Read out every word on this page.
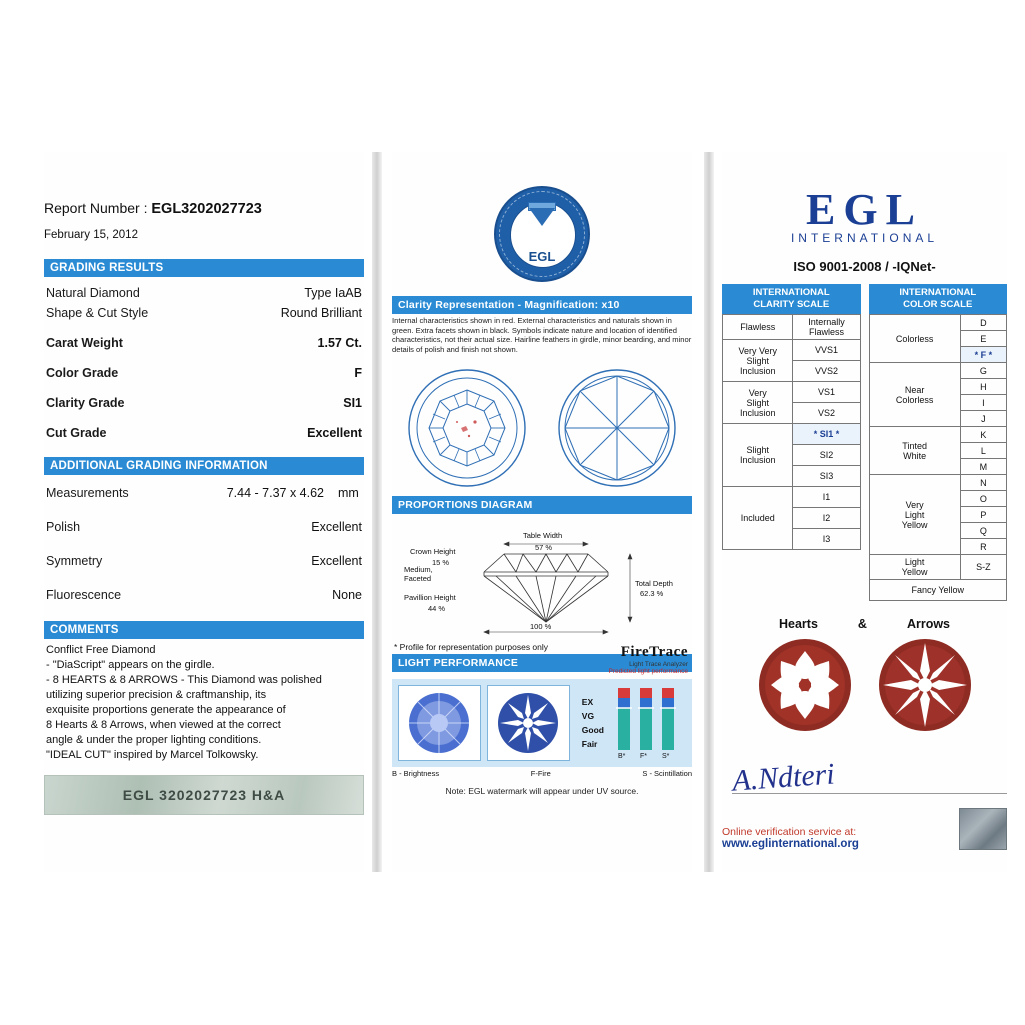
Report Number : EGL3202027723
February 15, 2012
GRADING RESULTS
Natural Diamond	Type IaAB
Shape & Cut Style	Round Brilliant
Carat Weight	1.57 Ct.
Color Grade	F
Clarity Grade	SI1
Cut Grade	Excellent
ADDITIONAL GRADING INFORMATION
Measurements	7.44 - 7.37 x 4.62	mm
Polish	Excellent
Symmetry	Excellent
Fluorescence	None
COMMENTS
Conflict Free Diamond
- "DiaScript" appears on the girdle.
- 8 HEARTS & 8 ARROWS - This Diamond was polished
utilizing superior precision & craftmanship, its
exquisite proportions generate the appearance of
8 Hearts & 8 Arrows, when viewed at the correct
angle & under the proper lighting conditions.
"IDEAL CUT" inspired by Marcel Tolkowsky.
EGL 3202027723 H&A
EGL
Clarity Representation - Magnification: x10
Internal characteristics shown in red. External characteristics and naturals shown in green. Extra facets shown in black. Symbols indicate nature and location of identified characteristics, not their actual size. Hairline feathers in girdle, minor bearding, and minor details of polish and finish not shown.
PROPORTIONS DIAGRAM
Table Width
57 %
Crown Height
15 %
Medium,
Faceted
Pavillion Height
44 %
Total Depth
62.3 %
100 %
* Profile for representation purposes only
LIGHT PERFORMANCE
FireTrace
Light Trace Analyzer
Predicted light performance
EX
VG
Good
Fair
B* F* S*
B - Brightness	F-Fire	S - Scintillation
Note: EGL watermark will appear under UV source.
EGL
INTERNATIONAL
ISO 9001-2008 / -IQNet-
INTERNATIONAL
CLARITY SCALE
Flawless	Internally
Flawless
Very Very
Slight
Inclusion	VVS1
	VVS2
Very
Slight
Inclusion	VS1
	VS2
Slight
Inclusion	* SI1 *
	SI2
	SI3
Included	I1
	I2
	I3
INTERNATIONAL
COLOR SCALE
Colorless	D
	E
	* F *
Near
Colorless	G
	H
	I
	J
Tinted
White	K
	L
	M
Very
Light
Yellow	N
	O
	P
	Q
	R
Light
Yellow	S-Z
Fancy Yellow	
Hearts	&	Arrows
A.Ndteri
Online verification service at:
www.eglinternational.org
